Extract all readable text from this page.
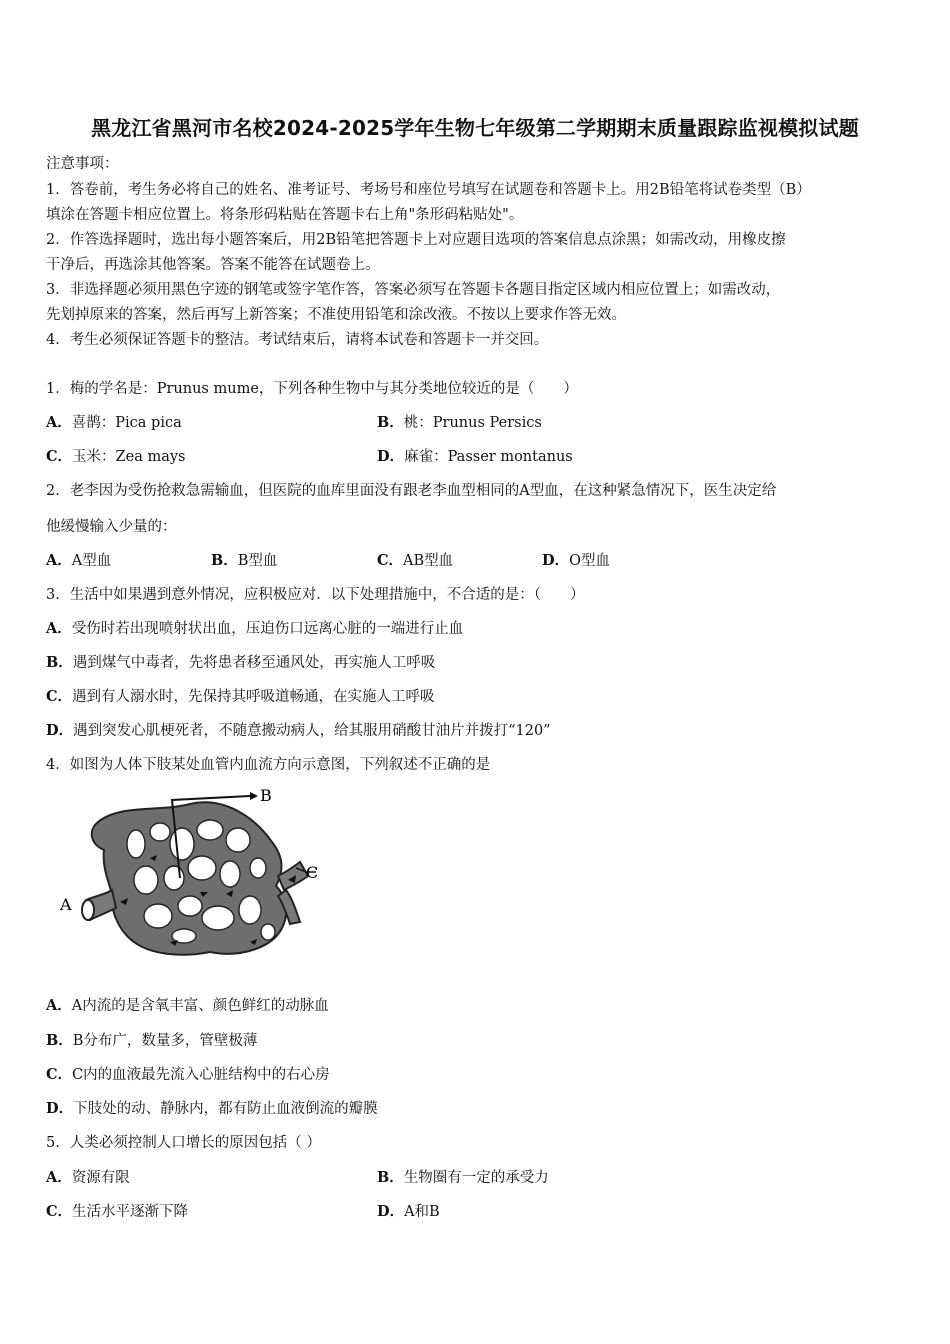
黑龙江省黑河市名校2024-2025学年生物七年级第二学期期末质量跟踪监视模拟试题
注意事项：
1．答卷前，考生务必将自己的姓名、准考证号、考场号和座位号填写在试题卷和答题卡上。用2B铅笔将试卷类型（B）
填涂在答题卡相应位置上。将条形码粘贴在答题卡右上角"条形码粘贴处"。
2．作答选择题时，选出每小题答案后，用2B铅笔把答题卡上对应题目选项的答案信息点涂黑；如需改动，用橡皮擦
干净后，再选涂其他答案。答案不能答在试题卷上。
3．非选择题必须用黑色字迹的钢笔或签字笔作答，答案必须写在答题卡各题目指定区域内相应位置上；如需改动，
先划掉原来的答案，然后再写上新答案；不准使用铅笔和涂改液。不按以上要求作答无效。
4．考生必须保证答题卡的整洁。考试结束后，请将本试卷和答题卡一并交回。
1．梅的学名是：Prunus mume，下列各种生物中与其分类地位较近的是（　　）
A．喜鹊：Pica pica	B．桃：Prunus Persics
C．玉米：Zea mays	D．麻雀：Passer montanus
2．老李因为受伤抢救急需输血，但医院的血库里面没有跟老李血型相同的A型血，在这种紧急情况下，医生决定给
他缓慢输入少量的：
A．A型血	B．B型血	C．AB型血	D．O型血
3．生活中如果遇到意外情况，应积极应对．以下处理措施中，不合适的是：（　　）
A．受伤时若出现喷射状出血，压迫伤口远离心脏的一端进行止血
B．遇到煤气中毒者，先将患者移至通风处，再实施人工呼吸
C．遇到有人溺水时，先保持其呼吸道畅通，在实施人工呼吸
D．遇到突发心肌梗死者，不随意搬动病人，给其服用硝酸甘油片并拨打“120”
4．如图为人体下肢某处血管内血流方向示意图，下列叙述不正确的是
B
C
A
A．A内流的是含氧丰富、颜色鲜红的动脉血
B．B分布广，数量多，管壁极薄
C．C内的血液最先流入心脏结构中的右心房
D．下肢处的动、静脉内，都有防止血液倒流的瓣膜
5．人类必须控制人口增长的原因包括（ ）
A．资源有限	B．生物圈有一定的承受力
C．生活水平逐渐下降	D．A和B
